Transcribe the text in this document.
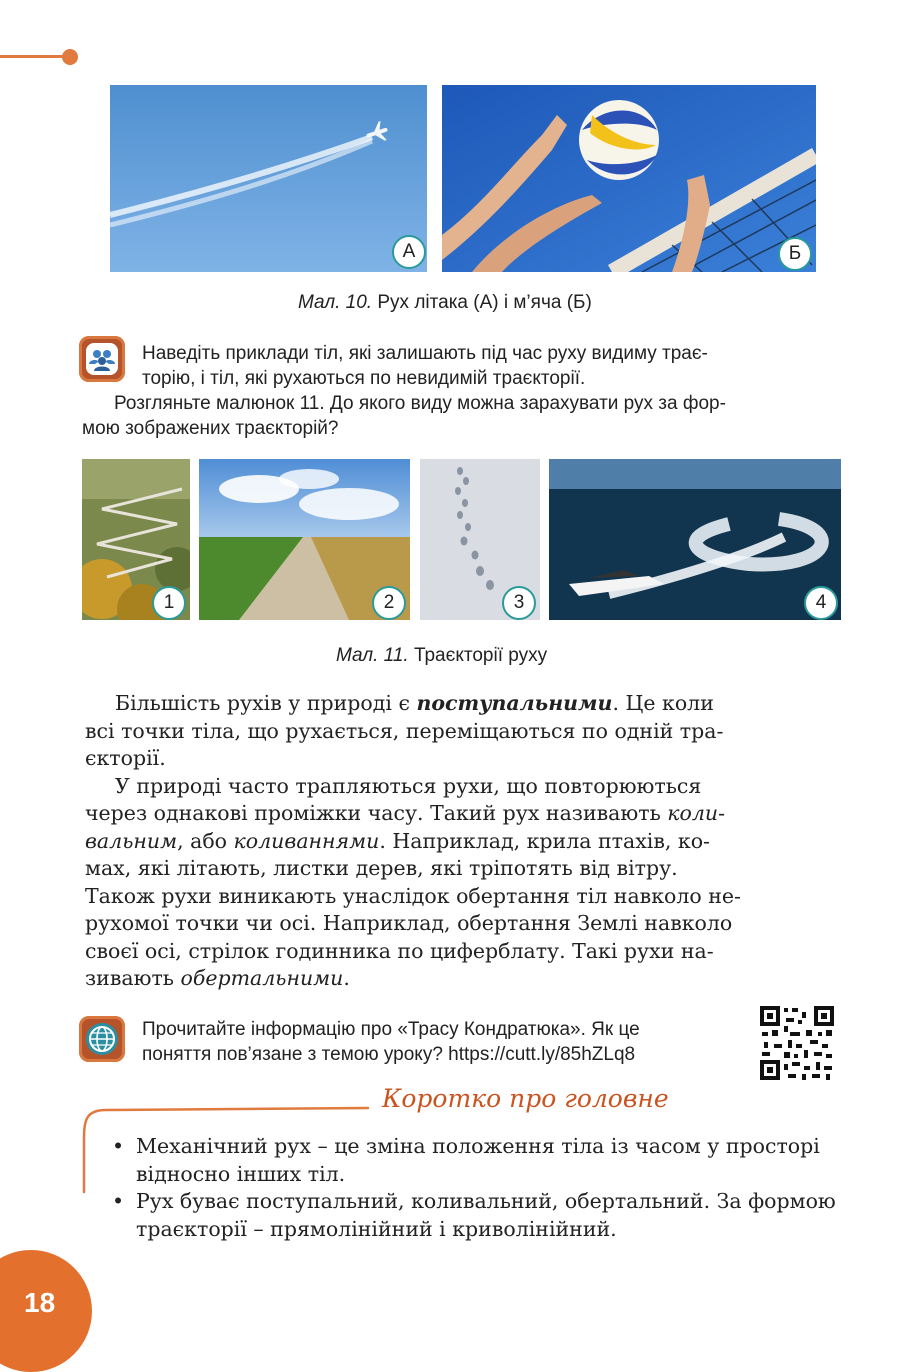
А	Б
Мал. 10. Рух літака (А) і м’яча (Б)
Наведіть приклади тіл, які залишають під час руху видиму трає-
торію, і тіл, які рухаються по невидимій траєкторії.
Розгляньте малюнок 11. До якого виду можна зарахувати рух за фор-
мою зображених траєкторій?
1	2	3	4
Мал. 11. Траєкторії руху
Більшість рухів у природі є поступальними. Це коли
всі точки тіла, що рухається, переміщаються по одній тра-
єкторії.
У природі часто трапляються рухи, що повторюються
через однакові проміжки часу. Такий рух називають коли-
вальним, або коливаннями. Наприклад, крила птахів, ко-
мах, які літають, листки дерев, які тріпотять від вітру.
Також рухи виникають унаслідок обертання тіл навколо не-
рухомої точки чи осі. Наприклад, обертання Землі навколо
своєї осі, стрілок годинника по циферблату. Такі рухи на-
зивають обертальними.
Прочитайте інформацію про «Трасу Кондратюка». Як це
поняття пов’язане з темою уроку? https://cutt.ly/85hZLq8
Коротко про головне
• Механічний рух – це зміна положення тіла із часом у просторі відносно інших тіл.
• Рух буває поступальний, коливальний, обертальний. За формою траєкторії – прямолінійний і криволінійний.
18
